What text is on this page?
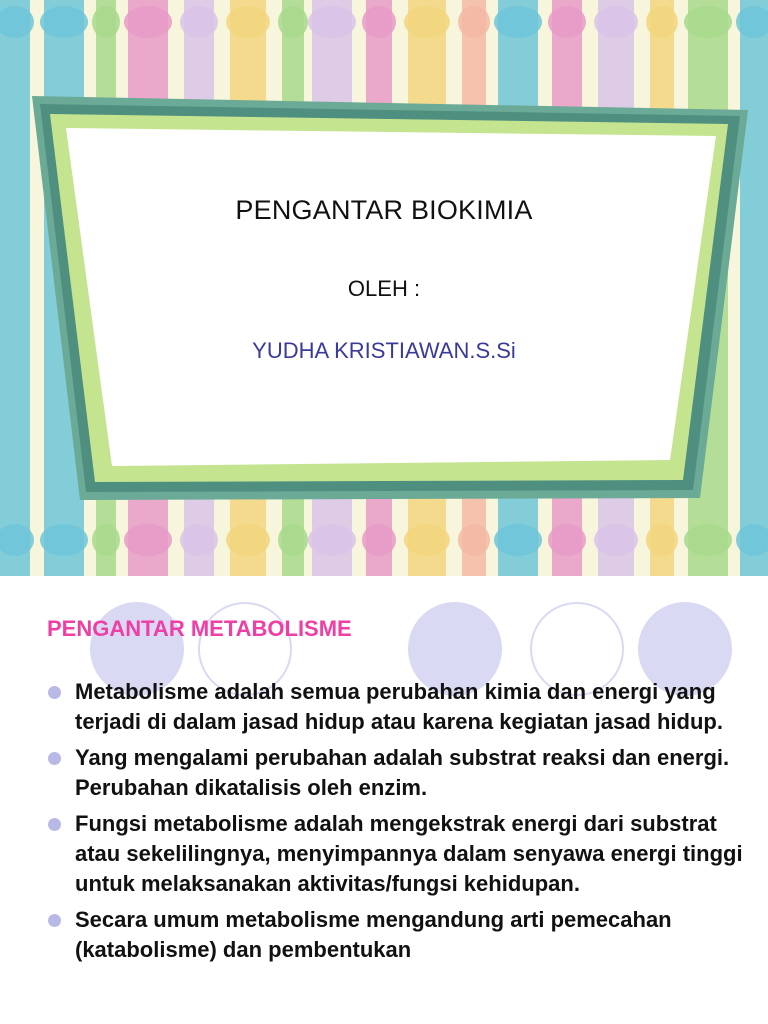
PENGANTAR BIOKIMIA
OLEH :
YUDHA KRISTIAWAN.S.Si
PENGANTAR METABOLISME
Metabolisme adalah semua perubahan kimia dan energi yang terjadi di dalam jasad hidup atau karena kegiatan jasad hidup.
Yang mengalami perubahan adalah substrat reaksi dan energi. Perubahan dikatalisis oleh enzim.
Fungsi metabolisme adalah mengekstrak energi dari substrat atau sekelilingnya, menyimpannya dalam senyawa energi tinggi untuk melaksanakan aktivitas/fungsi kehidupan.
Secara umum metabolisme mengandung arti pemecahan (katabolisme) dan pembentukan
